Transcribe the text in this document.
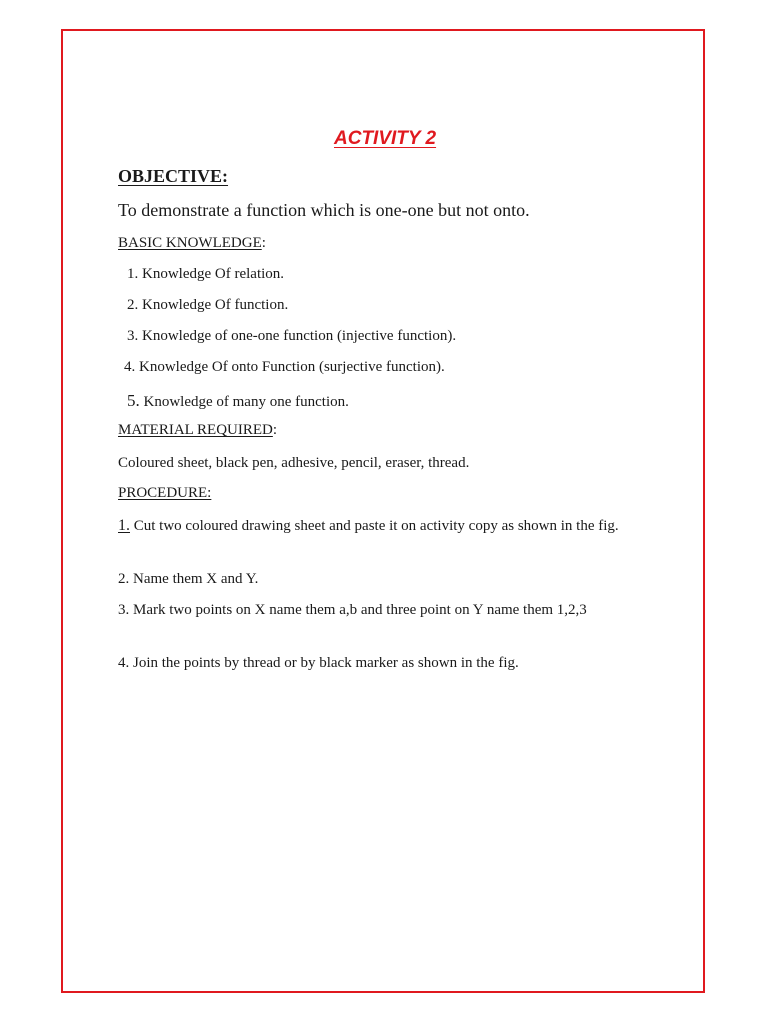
ACTIVITY 2
OBJECTIVE:

To demonstrate a function which is one-one but not onto.

BASIC KNOWLEDGE:

1. Knowledge Of relation.

2. Knowledge Of function.

3. Knowledge of one-one function (injective function).

4. Knowledge Of onto Function (surjective function).

5. Knowledge of many one function.

MATERIAL REQUIRED:

Coloured sheet, black pen, adhesive, pencil, eraser, thread.

PROCEDURE:

1. Cut two coloured drawing sheet and paste it on activity copy as shown in the fig.

2. Name them X and Y.

3. Mark two points on X name them a,b and three point on Y name them 1,2,3

4. Join the points by thread or by black marker as shown in the fig.
